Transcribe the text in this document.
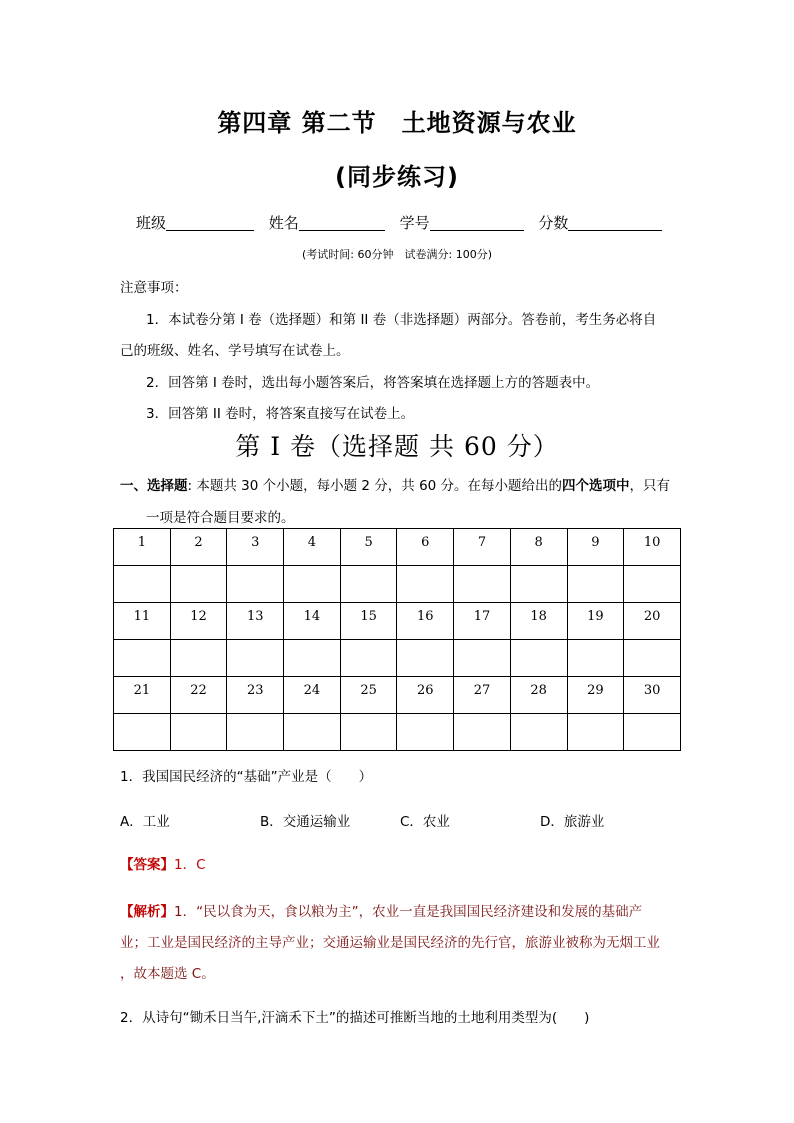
第四章 第二节　土地资源与农业
(同步练习)
班级	姓名	学号	分数
(考试时间: 60分钟　试卷满分: 100分)
注意事项：
1．本试卷分第 I 卷（选择题）和第 II 卷（非选择题）两部分。答卷前，考生务必将自
己的班级、姓名、学号填写在试卷上。
2．回答第 I 卷时，选出每小题答案后，将答案填在选择题上方的答题表中。
3．回答第 II 卷时，将答案直接写在试卷上。
第 I 卷（选择题 共 60 分）
一、选择题: 本题共 30 个小题，每小题 2 分，共 60 分。在每小题给出的四个选项中，只有
一项是符合题目要求的。
1	2	3	4	5	6	7	8	9	10

11	12	13	14	15	16	17	18	19	20

21	22	23	24	25	26	27	28	29	30

1．我国国民经济的“基础”产业是（　　）
A．工业	B．交通运输业	C．农业	D．旅游业
【答案】1．C
【解析】1．“民以食为天，食以粮为主”，农业一直是我国国民经济建设和发展的基础产
业；工业是国民经济的主导产业；交通运输业是国民经济的先行官，旅游业被称为无烟工业
，故本题选 C。
2．从诗句“锄禾日当午,汗滴禾下土”的描述可推断当地的土地利用类型为(　　)
